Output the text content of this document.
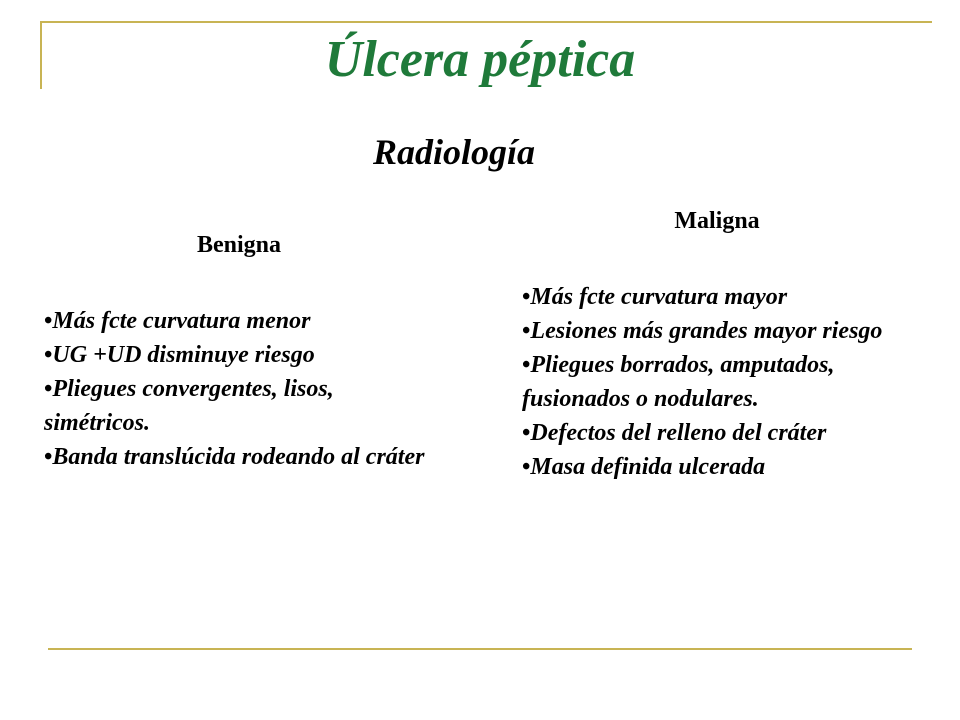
Úlcera péptica
Radiología
Benigna
•Más fcte curvatura menor
•UG +UD disminuye riesgo
•Pliegues convergentes, lisos, simétricos.
•Banda translúcida rodeando al cráter
Maligna
•Más fcte curvatura mayor
•Lesiones más grandes mayor riesgo
•Pliegues borrados, amputados, fusionados o nodulares.
•Defectos del relleno del cráter
•Masa definida ulcerada
